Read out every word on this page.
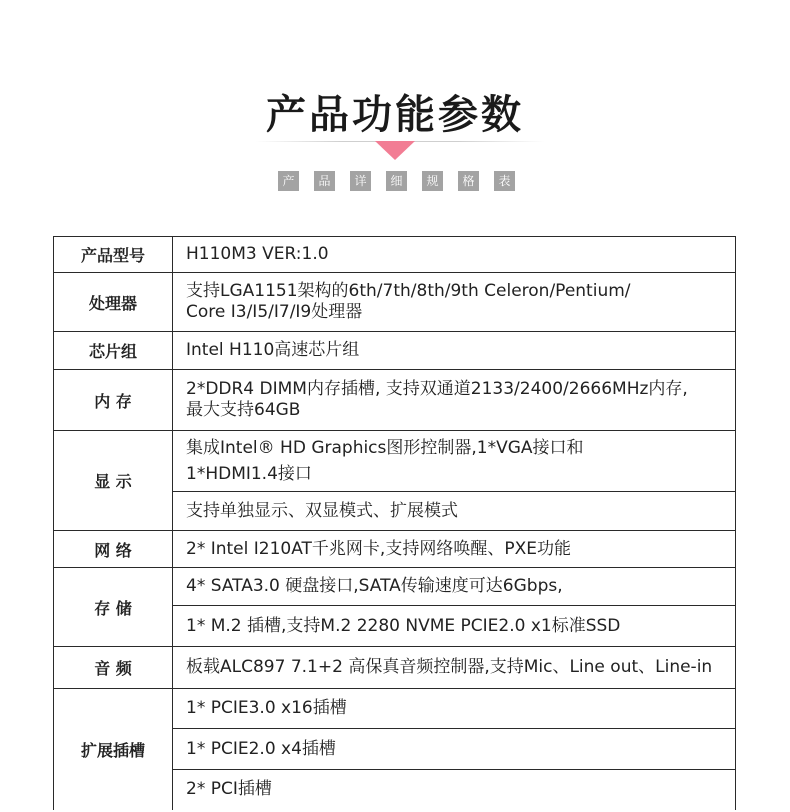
产品功能参数
产	品	详	细	规	格	表
产品型号	H110M3 VER:1.0

处理器	支持LGA1151架构的6th/7th/8th/9th Celeron/Pentium/
Core I3/I5/I7/I9处理器

芯片组	Intel H110高速芯片组

内 存	2*DDR4 DIMM内存插槽, 支持双通道2133/2400/2666MHz内存,
最大支持64GB

显 示	集成Intel® HD Graphics图形控制器,1*VGA接口和
1*HDMI1.4接口

	支持单独显示、双显模式、扩展模式

网 络	2* Intel I210AT千兆网卡,支持网络唤醒、PXE功能

存 储	4* SATA3.0 硬盘接口,SATA传输速度可达6Gbps,

	1* M.2 插槽,支持M.2 2280 NVME PCIE2.0 x1标准SSD

音 频	板载ALC897 7.1+2 高保真音频控制器,支持Mic、Line out、Line-in

扩展插槽	1* PCIE3.0 x16插槽

	1* PCIE2.0 x4插槽

	2* PCI插槽
